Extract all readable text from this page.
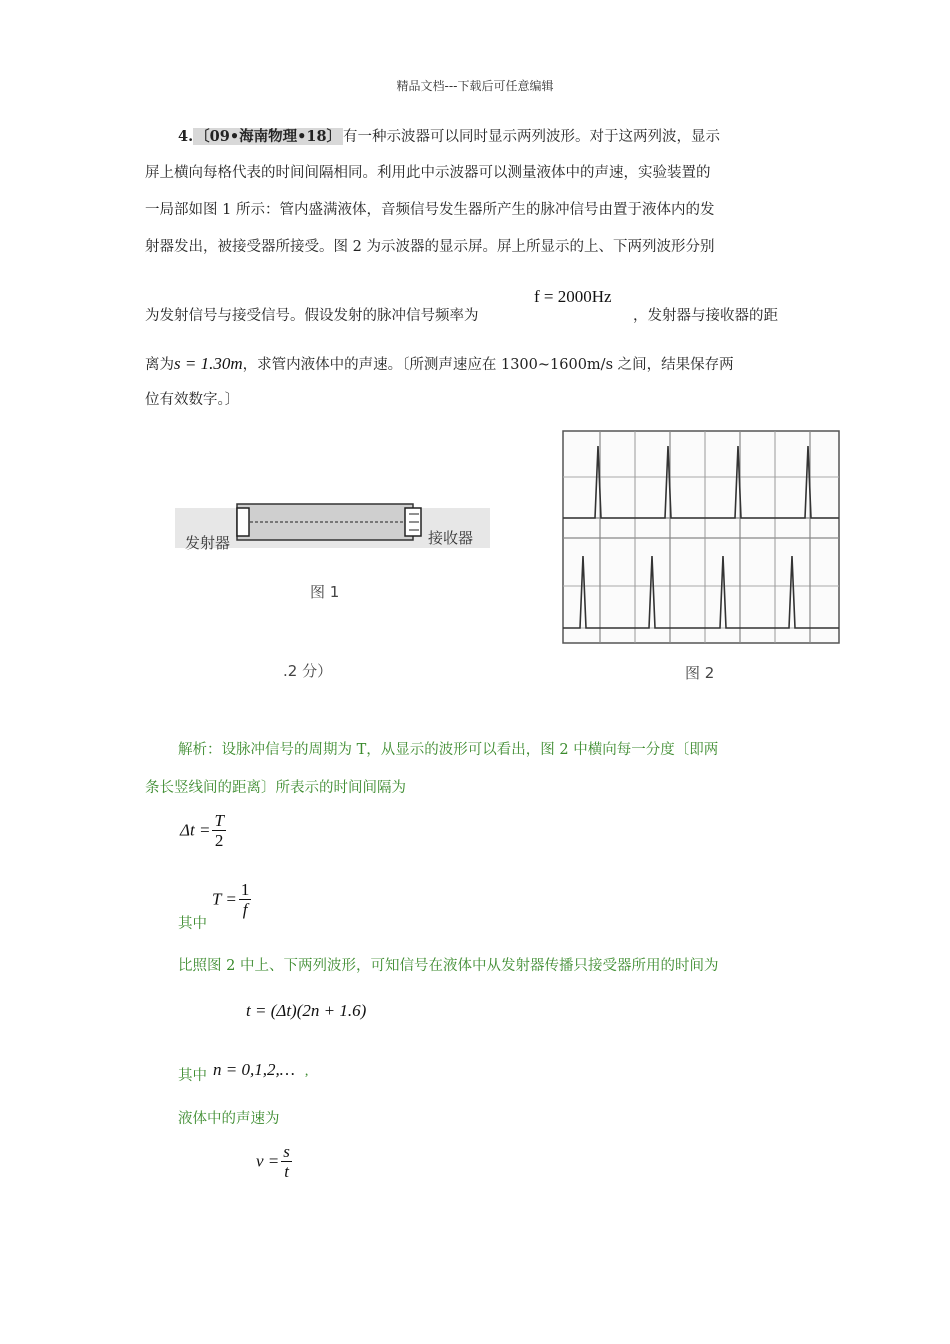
精品文档---下载后可任意编辑
4. 〔09•海南物理•18〕 有一种示波器可以同时显示两列波形。对于这两列波，显示
屏上横向每格代表的时间间隔相同。利用此中示波器可以测量液体中的声速，实验装置的
一局部如图 1 所示：管内盛满液体，音频信号发生器所产生的脉冲信号由置于液体内的发
射器发出，被接受器所接受。图 2 为示波器的显示屏。屏上所显示的上、下两列波形分别
f = 2000Hz
为发射信号与接受信号。假设发射的脉冲信号频率为	，发射器与接收器的距
离为s = 1.30m，求管内液体中的声速。〔所测声速应在 1300~1600m/s 之间，结果保存两
位有效数字。〕
发射器	接收器
图 1
.2 分）	图 2
解析：设脉冲信号的周期为 T，从显示的波形可以看出，图 2 中横向每一分度〔即两
条长竖线间的距离〕所表示的时间间隔为
$\Delta t = \frac{T}{2}$
其中
$T = \frac{1}{f}$
比照图 2 中上、下两列波形，可知信号在液体中从发射器传播只接受器所用的时间为
t = (Δt)(2n + 1.6)
其中 n = 0,1,2,… ,
液体中的声速为
$v = \frac{s}{t}$
